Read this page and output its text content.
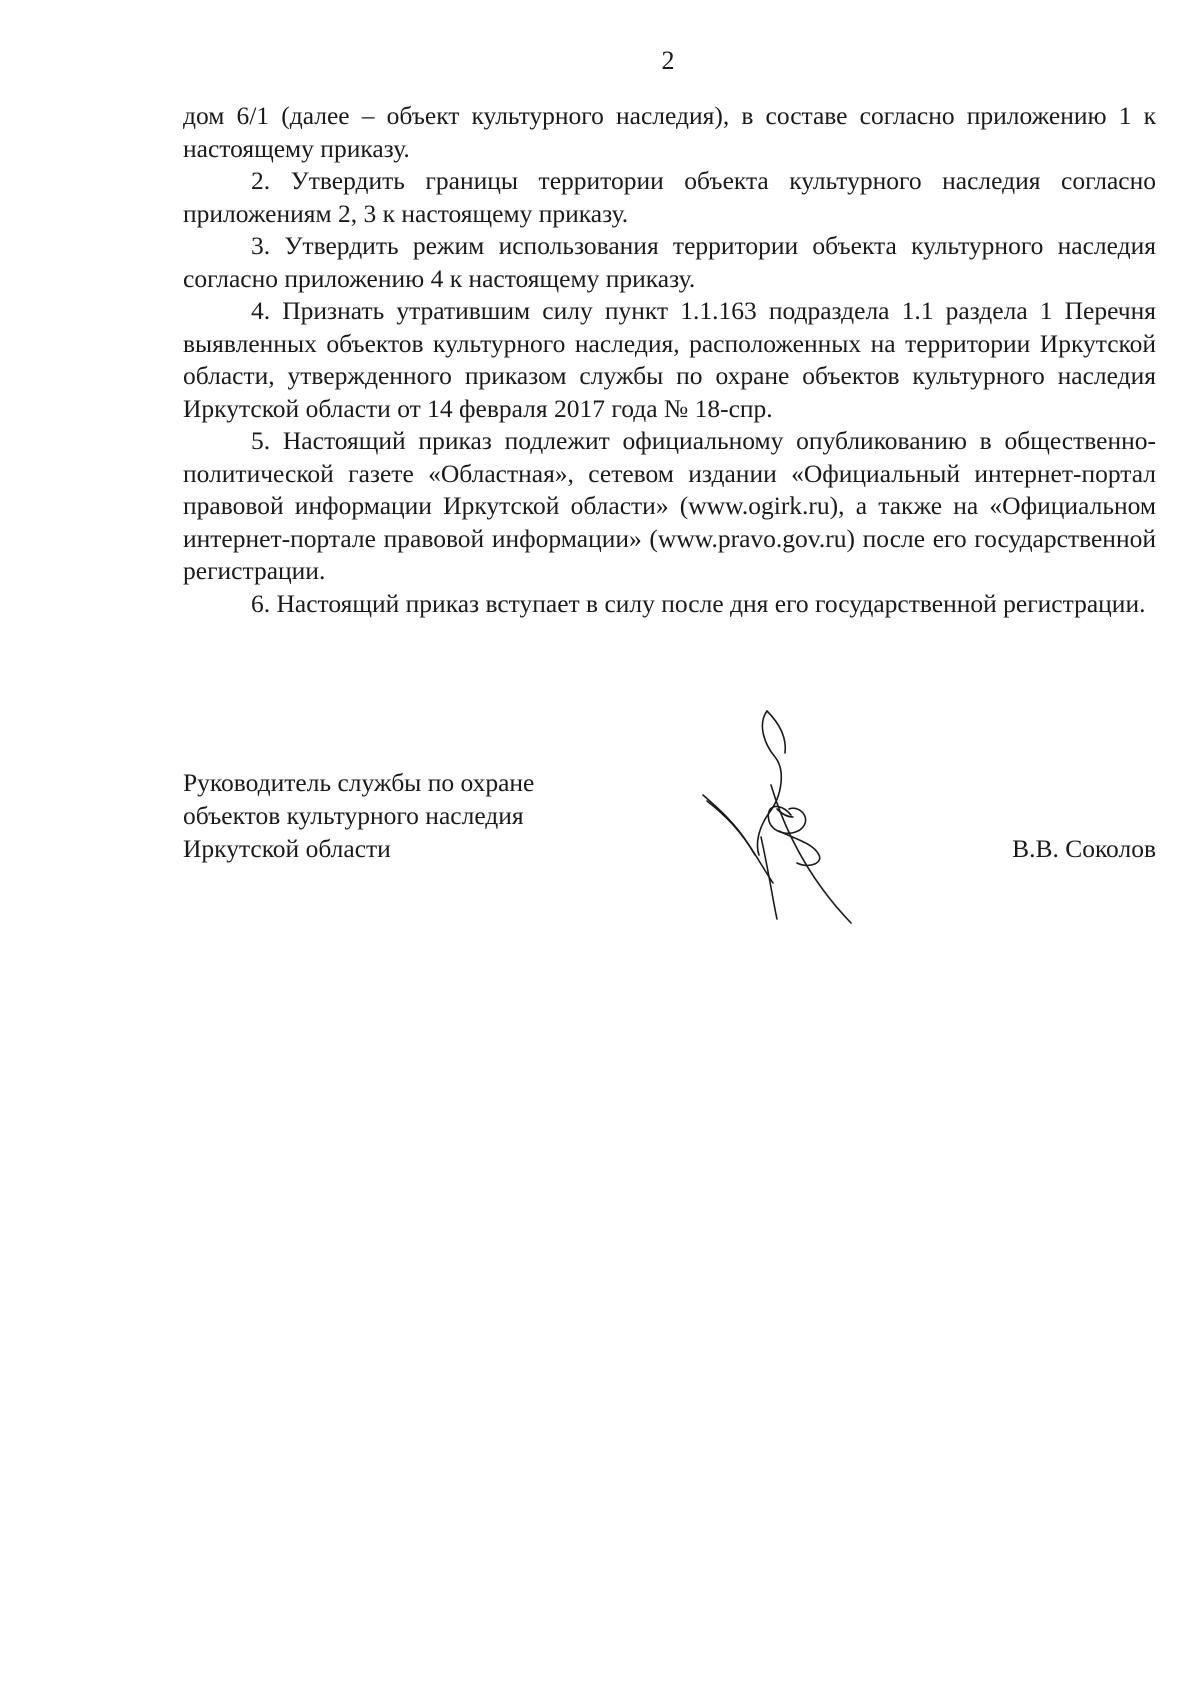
2

дом 6/1 (далее – объект культурного наследия), в составе согласно приложению 1 к настоящему приказу.

2. Утвердить границы территории объекта культурного наследия согласно приложениям 2, 3 к настоящему приказу.

3. Утвердить режим использования территории объекта культурного наследия согласно приложению 4 к настоящему приказу.

4. Признать утратившим силу пункт 1.1.163 подраздела 1.1 раздела 1 Перечня выявленных объектов культурного наследия, расположенных на территории Иркутской области, утвержденного приказом службы по охране объектов культурного наследия Иркутской области от 14 февраля 2017 года № 18-спр.

5. Настоящий приказ подлежит официальному опубликованию в общественно-политической газете «Областная», сетевом издании «Официальный интернет-портал правовой информации Иркутской области» (www.ogirk.ru), а также на «Официальном интернет-портале правовой информации» (www.pravo.gov.ru) после его государственной регистрации.

6. Настоящий приказ вступает в силу после дня его государственной регистрации.

Руководитель службы по охране
объектов культурного наследия
Иркутской области	В.В. Соколов
